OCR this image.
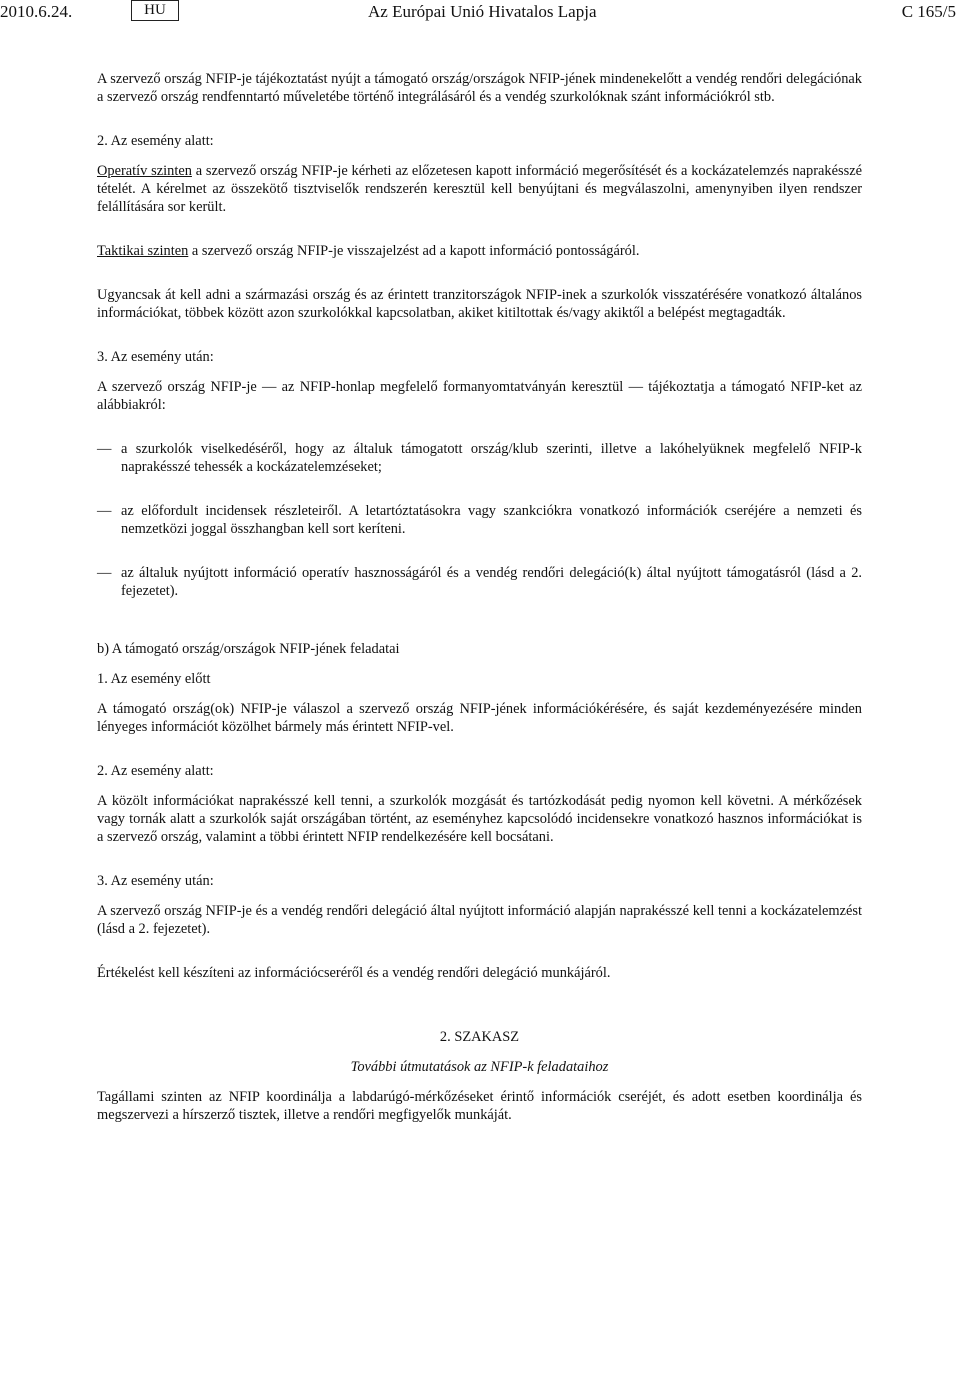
2010.6.24.	HU	Az Európai Unió Hivatalos Lapja	C 165/5

A szervező ország NFIP-je tájékoztatást nyújt a támogató ország/országok NFIP-jének mindenekelőtt a vendég rendőri delegációnak a szervező ország rendfenntartó műveletébe történő integrálásáról és a vendég szurkolóknak szánt információkról stb.

2. Az esemény alatt:

Operatív szinten a szervező ország NFIP-je kérheti az előzetesen kapott információ megerősítését és a kockázatelemzés naprakésszé tételét. A kérelmet az összekötő tisztviselők rendszerén keresztül kell benyújtani és megválaszolni, amenynyiben ilyen rendszer felállítására sor került.

Taktikai szinten a szervező ország NFIP-je visszajelzést ad a kapott információ pontosságáról.

Ugyancsak át kell adni a származási ország és az érintett tranzitországok NFIP-inek a szurkolók visszatérésére vonatkozó általános információkat, többek között azon szurkolókkal kapcsolatban, akiket kitiltottak és/vagy akiktől a belépést megtagadták.

3. Az esemény után:

A szervező ország NFIP-je — az NFIP-honlap megfelelő formanyomtatványán keresztül — tájékoztatja a támogató NFIP-ket az alábbiakról:

— a szurkolók viselkedéséről, hogy az általuk támogatott ország/klub szerinti, illetve a lakóhelyüknek megfelelő NFIP-k naprakésszé tehessék a kockázatelemzéseket;
— az előfordult incidensek részleteiről. A letartóztatásokra vagy szankciókra vonatkozó információk cseréjére a nemzeti és nemzetközi joggal összhangban kell sort keríteni.
— az általuk nyújtott információ operatív hasznosságáról és a vendég rendőri delegáció(k) által nyújtott támogatásról (lásd a 2. fejezetet).

b) A támogató ország/országok NFIP-jének feladatai

1. Az esemény előtt

A támogató ország(ok) NFIP-je válaszol a szervező ország NFIP-jének információkérésére, és saját kezdeményezésére minden lényeges információt közölhet bármely más érintett NFIP-vel.

2. Az esemény alatt:

A közölt információkat naprakésszé kell tenni, a szurkolók mozgását és tartózkodását pedig nyomon kell követni. A mérkőzések vagy tornák alatt a szurkolók saját országában történt, az eseményhez kapcsolódó incidensekre vonatkozó hasznos információkat is a szervező ország, valamint a többi érintett NFIP rendelkezésére kell bocsátani.

3. Az esemény után:

A szervező ország NFIP-je és a vendég rendőri delegáció által nyújtott információ alapján naprakésszé kell tenni a kockázatelemzést (lásd a 2. fejezetet).

Értékelést kell készíteni az információcseréről és a vendég rendőri delegáció munkájáról.

2. SZAKASZ

További útmutatások az NFIP-k feladataihoz

Tagállami szinten az NFIP koordinálja a labdarúgó-mérkőzéseket érintő információk cseréjét, és adott esetben koordinálja és megszervezi a hírszerző tisztek, illetve a rendőri megfigyelők munkáját.
